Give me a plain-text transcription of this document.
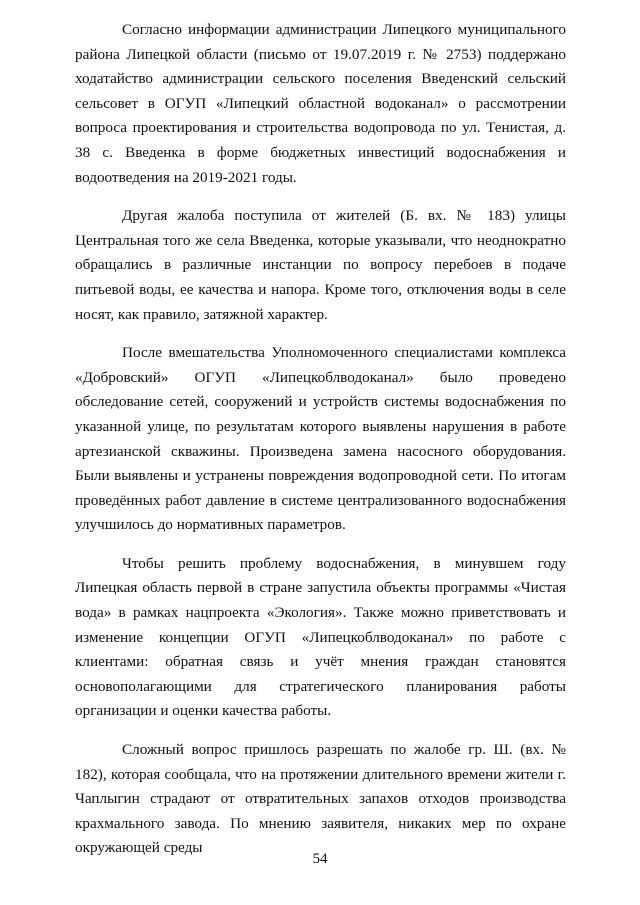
Согласно информации администрации Липецкого муниципального района Липецкой области (письмо от 19.07.2019 г. № 2753) поддержано ходатайство администрации сельского поселения Введенский сельский сельсовет в ОГУП «Липецкий областной водоканал» о рассмотрении вопроса проектирования и строительства водопровода по ул. Тенистая, д. 38 с. Введенка в форме бюджетных инвестиций водоснабжения и водоотведения на 2019-2021 годы.

Другая жалоба поступила от жителей (Б. вх. № 183) улицы Центральная того же села Введенка, которые указывали, что неоднократно обращались в различные инстанции по вопросу перебоев в подаче питьевой воды, ее качества и напора. Кроме того, отключения воды в селе носят, как правило, затяжной характер.

После вмешательства Уполномоченного специалистами комплекса «Добровский» ОГУП «Липецкоблводоканал» было проведено обследование сетей, сооружений и устройств системы водоснабжения по указанной улице, по результатам которого выявлены нарушения в работе артезианской скважины. Произведена замена насосного оборудования. Были выявлены и устранены повреждения водопроводной сети. По итогам проведённых работ давление в системе централизованного водоснабжения улучшилось до нормативных параметров.

Чтобы решить проблему водоснабжения, в минувшем году Липецкая область первой в стране запустила объекты программы «Чистая вода» в рамках нацпроекта «Экология». Также можно приветствовать и изменение концепции ОГУП «Липецкоблводоканал» по работе с клиентами: обратная связь и учёт мнения граждан становятся основополагающими для стратегического планирования работы организации и оценки качества работы.

Сложный вопрос пришлось разрешать по жалобе гр. Ш. (вх. № 182), которая сообщала, что на протяжении длительного времени жители г. Чаплыгин страдают от отвратительных запахов отходов производства крахмального завода. По мнению заявителя, никаких мер по охране окружающей среды

54
